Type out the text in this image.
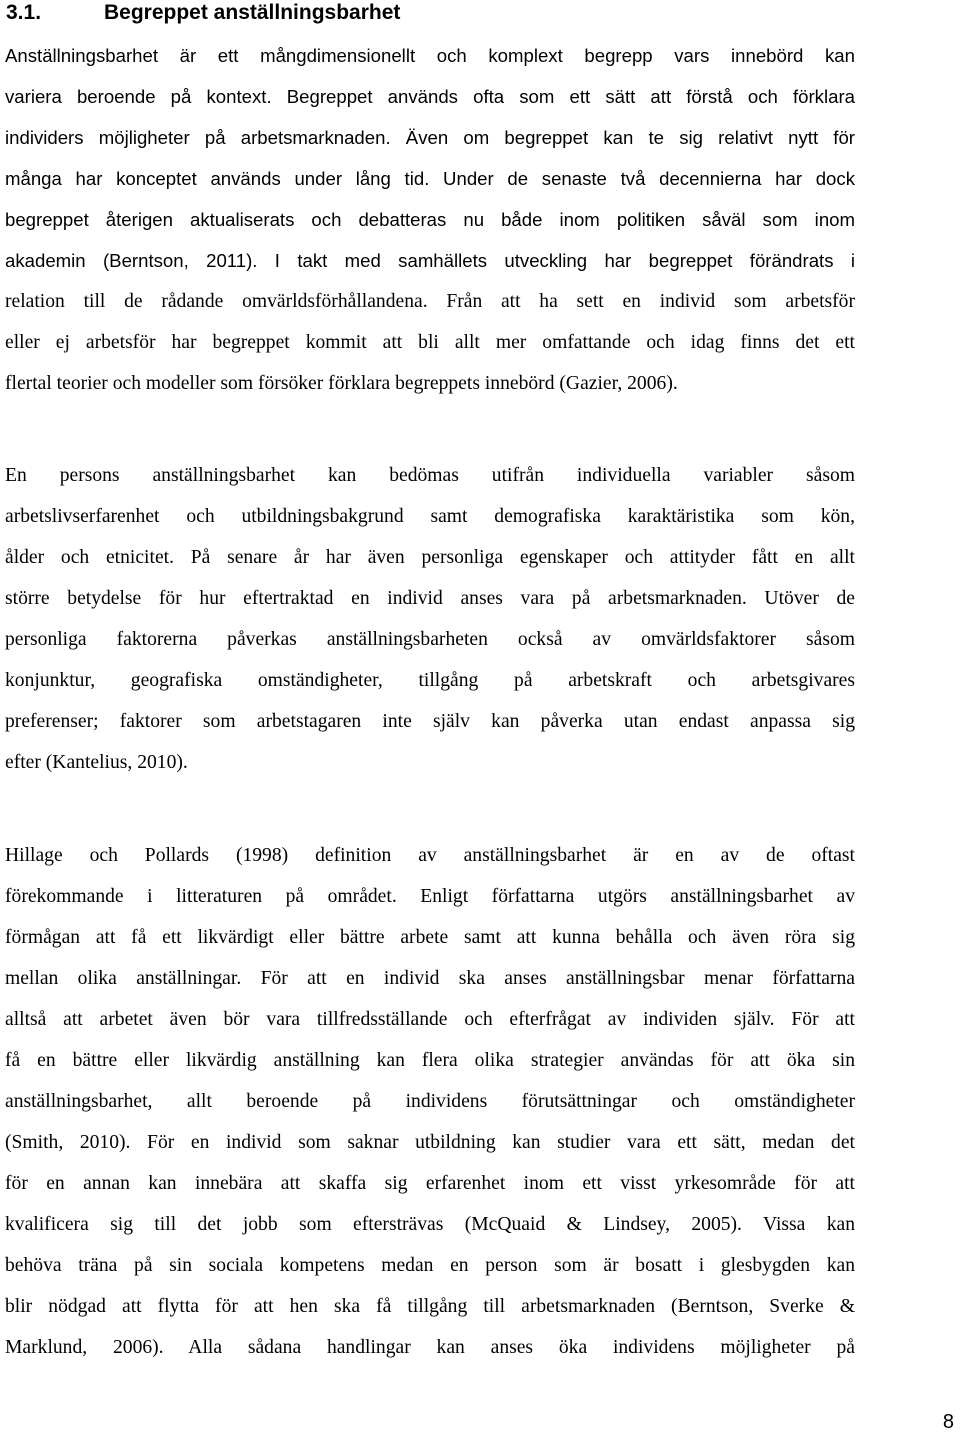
3.1.	Begreppet anställningsbarhet
Anställningsbarhet är ett mångdimensionellt och komplext begrepp vars innebörd kan
variera beroende på kontext. Begreppet används ofta som ett sätt att förstå och förklara
individers möjligheter på arbetsmarknaden. Även om begreppet kan te sig relativt nytt för
många har konceptet används under lång tid. Under de senaste två decennierna har dock
begreppet återigen aktualiserats och debatteras nu både inom politiken såväl som inom
akademin (Berntson, 2011). I takt med samhällets utveckling har begreppet förändrats i
relation till de rådande omvärldsförhållandena. Från att ha sett en individ som arbetsför
eller ej arbetsför har begreppet kommit att bli allt mer omfattande och idag finns det ett
flertal teorier och modeller som försöker förklara begreppets innebörd (Gazier, 2006).
En persons anställningsbarhet kan bedömas utifrån individuella variabler såsom
arbetslivserfarenhet och utbildningsbakgrund samt demografiska karaktäristika som kön,
ålder och etnicitet. På senare år har även personliga egenskaper och attityder fått en allt
större betydelse för hur eftertraktad en individ anses vara på arbetsmarknaden. Utöver de
personliga faktorerna påverkas anställningsbarheten också av omvärldsfaktorer såsom
konjunktur, geografiska omständigheter, tillgång på arbetskraft och arbetsgivares
preferenser; faktorer som arbetstagaren inte själv kan påverka utan endast anpassa sig
efter (Kantelius, 2010).
Hillage och Pollards (1998) definition av anställningsbarhet är en av de oftast
förekommande i litteraturen på området. Enligt författarna utgörs anställningsbarhet av
förmågan att få ett likvärdigt eller bättre arbete samt att kunna behålla och även röra sig
mellan olika anställningar. För att en individ ska anses anställningsbar menar författarna
alltså att arbetet även bör vara tillfredsställande och efterfrågat av individen själv. För att
få en bättre eller likvärdig anställning kan flera olika strategier användas för att öka sin
anställningsbarhet, allt beroende på individens förutsättningar och omständigheter
(Smith, 2010). För en individ som saknar utbildning kan studier vara ett sätt, medan det
för en annan kan innebära att skaffa sig erfarenhet inom ett visst yrkesområde för att
kvalificera sig till det jobb som eftersträvas (McQuaid & Lindsey, 2005). Vissa kan
behöva träna på sin sociala kompetens medan en person som är bosatt i glesbygden kan
blir nödgad att flytta för att hen ska få tillgång till arbetsmarknaden (Berntson, Sverke &
Marklund, 2006). Alla sådana handlingar kan anses öka individens möjligheter på
8
